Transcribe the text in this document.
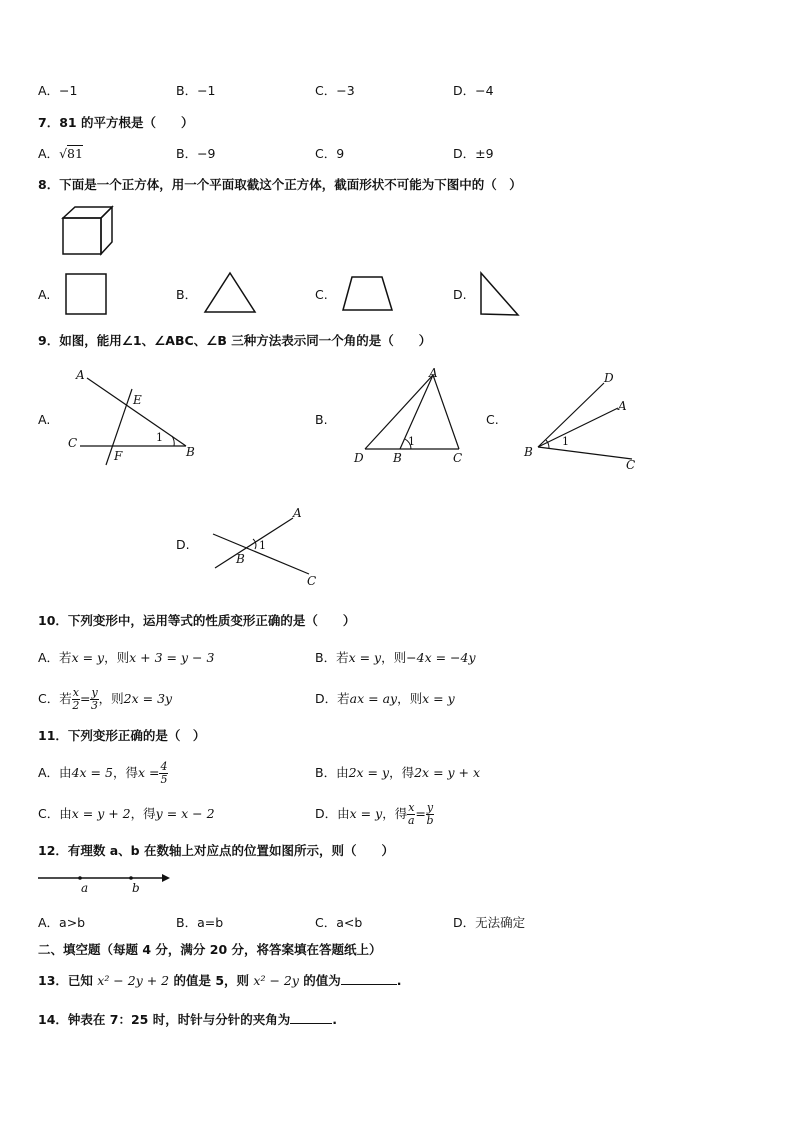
A．−1	B．−1	C．−3	D．−4
7．81 的平方根是（　　）
A．√81	B．−9	C．9	D．±9
8．下面是一个正方体，用一个平面取截这个正方体，截面形状不可能为下图中的（　）
A.	B．	C.	D.
9．如图，能用∠1、∠ABC、∠B 三种方法表示同一个角的是（　　）
A.
A
E
C
F	B
1
B.
A
D B	C
1
C.
D
A
B
C
1
D.
A
B
C
1
10．下列变形中，运用等式的性质变形正确的是（　　）
A．若x = y，则x + 3 = y − 3	B．若x = y，则−4x = −4y
C．若 $\frac{x}{2} = \frac{y}{3}$ ，则2x = 3y	D．若ax = ay，则x = y
11．下列变形正确的是（　）
A．由4x = 5，得$x = \frac{4}{5}$	B．由2x = y，得2x = y + x
C．由x = y + 2，得y = x − 2	D．由x = y，得 $\frac{x}{a} = \frac{y}{b}$
12．有理数 a、b 在数轴上对应点的位置如图所示，则（　　）
a	b
A．a>b	B．a=b	C．a<b	D．无法确定
二、填空题（每题 4 分，满分 20 分，将答案填在答题纸上）
13．已知 x² − 2y + 2 的值是 5，则 x² − 2y 的值为	.
14．钟表在 7：25 时，时针与分针的夹角为	.
